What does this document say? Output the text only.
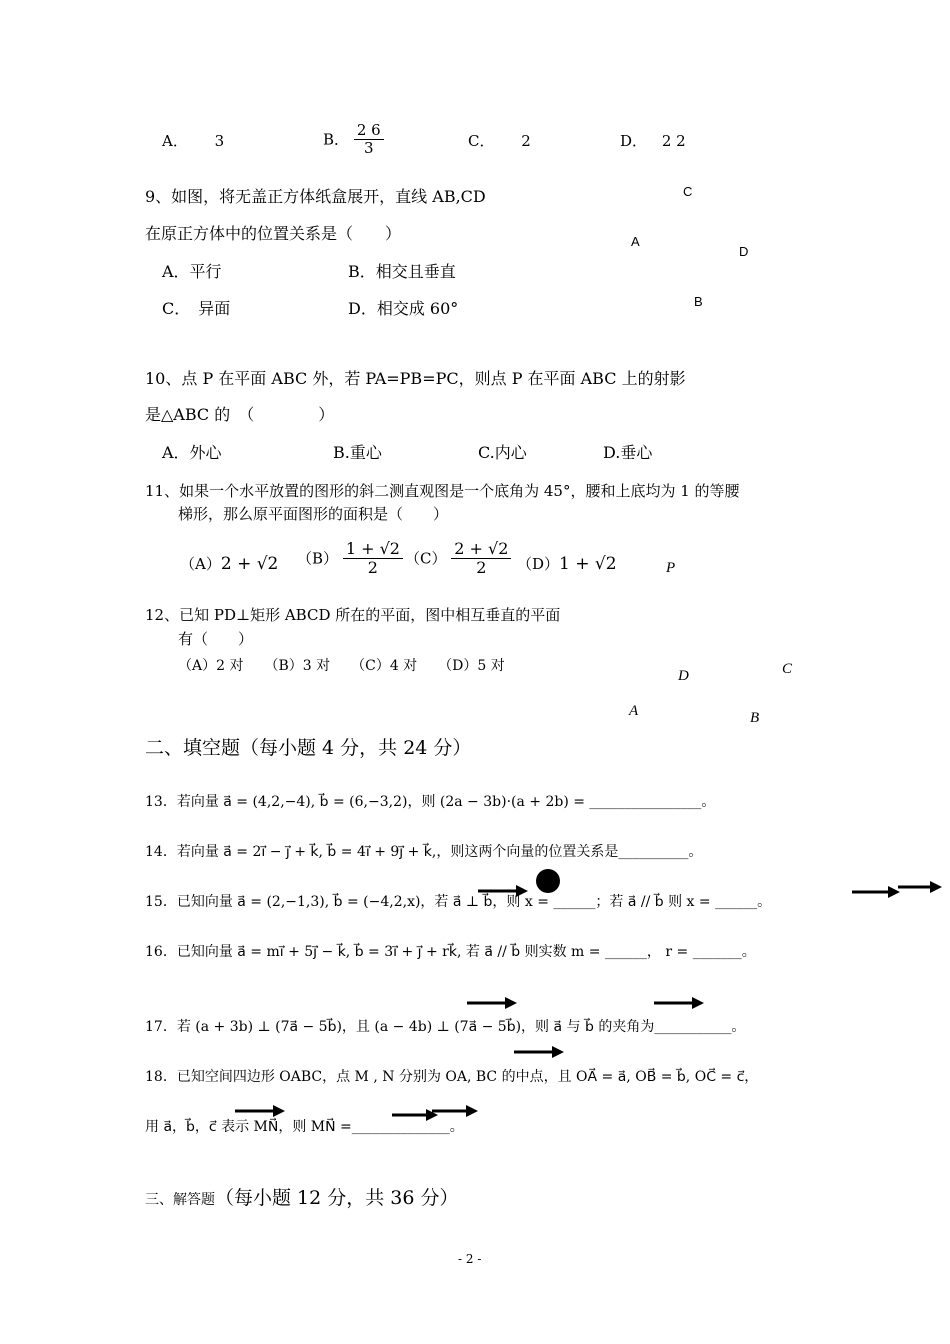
A． 3	B． $\frac{2 6}{3}$	C． 2	D． 2 2
9、如图，将无盖正方体纸盒展开，直线 AB,CD
在原正方体中的位置关系是（　　）
A．平行	B．相交且垂直
C．　异面	D．相交成 60°
C
A
D
B
10、点 P 在平面 ABC 外，若 PA=PB=PC，则点 P 在平面 ABC 上的射影
是△ABC 的　（　　　　）
A．外心	B.重心	C.内心	D.垂心
11、如果一个水平放置的图形的斜二测直观图是一个底角为 45°，腰和上底均为 1 的等腰
梯形，那么原平面图形的面积是（　　）
（A）2 + √2 $(B) \frac{1 + √2}{2} (C) \frac{2 + √2}{2} (D)1 + √2$	P
12、已知 PD⊥矩形 ABCD 所在的平面，图中相互垂直的平面
有（　　）
（A）2 对　　（B）3 对　　（C）4 对　　（D）5 对
D	C
A	B
二、填空题（每小题 4 分，共 24 分）
13．若向量 a⃗ = (4,2,−4), b⃗ = (6,−3,2)，则 (2a − 3b)·(a + 2b) = ________________。
14．若向量 a⃗ = 2i⃗ − j⃗ + k⃗, b⃗ = 4i⃗ + 9j⃗ + k⃗,，则这两个向量的位置关系是__________。
15．已知向量 a⃗ = (2,−1,3), b⃗ = (−4,2,x)，若 a⃗ ⊥ b⃗，则 x = ______；若 a⃗ // b⃗ 则 x = ______。
16．已知向量 a⃗ = mi⃗ + 5j⃗ − k⃗, b⃗ = 3i⃗ + j⃗ + rk⃗, 若 a⃗ // b⃗ 则实数 m = ______， r = _______。
17．若 (a + 3b) ⊥ (7a⃗ − 5b⃗)，且 (a − 4b) ⊥ (7a⃗ − 5b⃗)，则 a⃗ 与 b⃗ 的夹角为___________。
18．已知空间四边形 OABC，点 M , N 分别为 OA, BC 的中点，且 OA⃗ = a⃗, OB⃗ = b⃗, OC⃗ = c⃗，
用 a⃗，b⃗，c⃗ 表示 MN⃗，则 MN⃗ =______________。
三、解答题（每小题 12 分，共 36 分）
- 2 -
